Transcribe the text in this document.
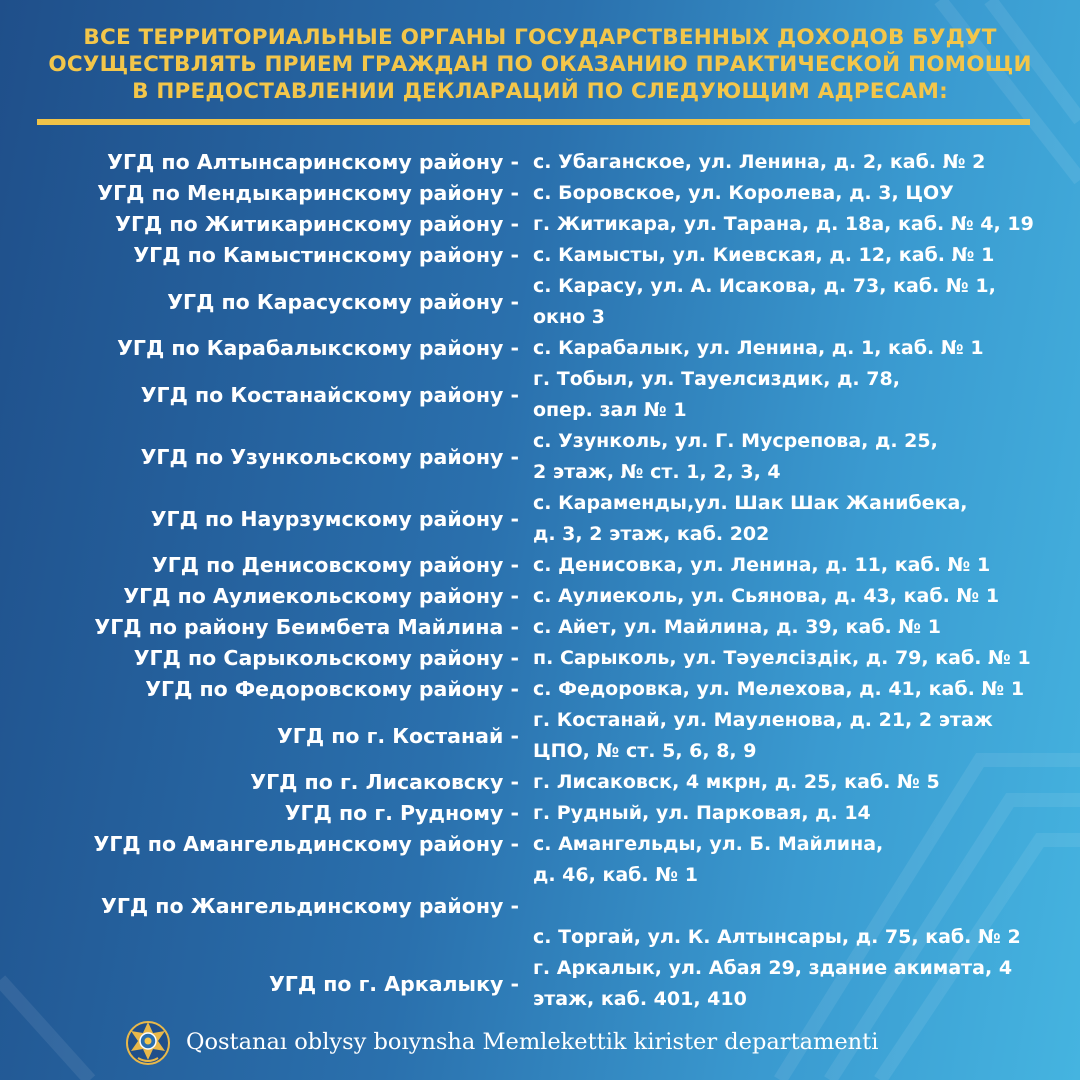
ВСЕ ТЕРРИТОРИАЛЬНЫЕ ОРГАНЫ ГОСУДАРСТВЕННЫХ ДОХОДОВ БУДУТ
ОСУЩЕСТВЛЯТЬ ПРИЕМ ГРАЖДАН ПО ОКАЗАНИЮ ПРАКТИЧЕСКОЙ ПОМОЩИ
В ПРЕДОСТАВЛЕНИИ ДЕКЛАРАЦИЙ ПО СЛЕДУЮЩИМ АДРЕСАМ:
УГД по Алтынсаринскому району - с. Убаганское, ул. Ленина, д. 2, каб. № 2
УГД по Мендыкаринскому району - с. Боровское, ул. Королева, д. 3, ЦОУ
УГД по Житикаринскому району - г. Житикара, ул. Тарана, д. 18а, каб. № 4, 19
УГД по Камыстинскому району - с. Камысты, ул. Киевская, д. 12, каб. № 1
УГД по Карасускому району -
с. Карасу, ул. А. Исакова, д. 73, каб. № 1,
окно 3
УГД по Карабалыкскому району - с. Карабалык, ул. Ленина, д. 1, каб. № 1
УГД по Костанайскому району -
г. Тобыл, ул. Тауелсиздик, д. 78,
опер. зал № 1
УГД по Узункольскому району -
с. Узунколь, ул. Г. Мусрепова, д. 25,
2 этаж, № ст. 1, 2, 3, 4
УГД по Наурзумскому району -
с. Караменды,ул. Шак Шак Жанибека,
д. 3, 2 этаж, каб. 202
УГД по Денисовскому району - с. Денисовка, ул. Ленина, д. 11, каб. № 1
УГД по Аулиекольскому району - с. Аулиеколь, ул. Сьянова, д. 43, каб. № 1
УГД по району Беимбета Майлина - с. Айет, ул. Майлина, д. 39, каб. № 1
УГД по Сарыкольскому району - п. Сарыколь, ул. Тәуелсіздік, д. 79, каб. № 1
УГД по Федоровскому району - с. Федоровка, ул. Мелехова, д. 41, каб. № 1
УГД по г. Костанай -
г. Костанай, ул. Мауленова, д. 21, 2 этаж
ЦПО, № ст. 5, 6, 8, 9
УГД по г. Лисаковску - г. Лисаковск, 4 мкрн, д. 25, каб. № 5
УГД по г. Рудному - г. Рудный, ул. Парковая, д. 14
УГД по Амангельдинскому району - с. Амангельды, ул. Б. Майлина,
д. 46, каб. № 1
УГД по Жангельдинскому району -
с. Торгай, ул. К. Алтынсары, д. 75, каб. № 2
УГД по г. Аркалыку -
г. Аркалык, ул. Абая 29, здание акимата, 4
этаж, каб. 401, 410
Qostanaı oblysy boıynsha Memlekettik kirister departamenti
